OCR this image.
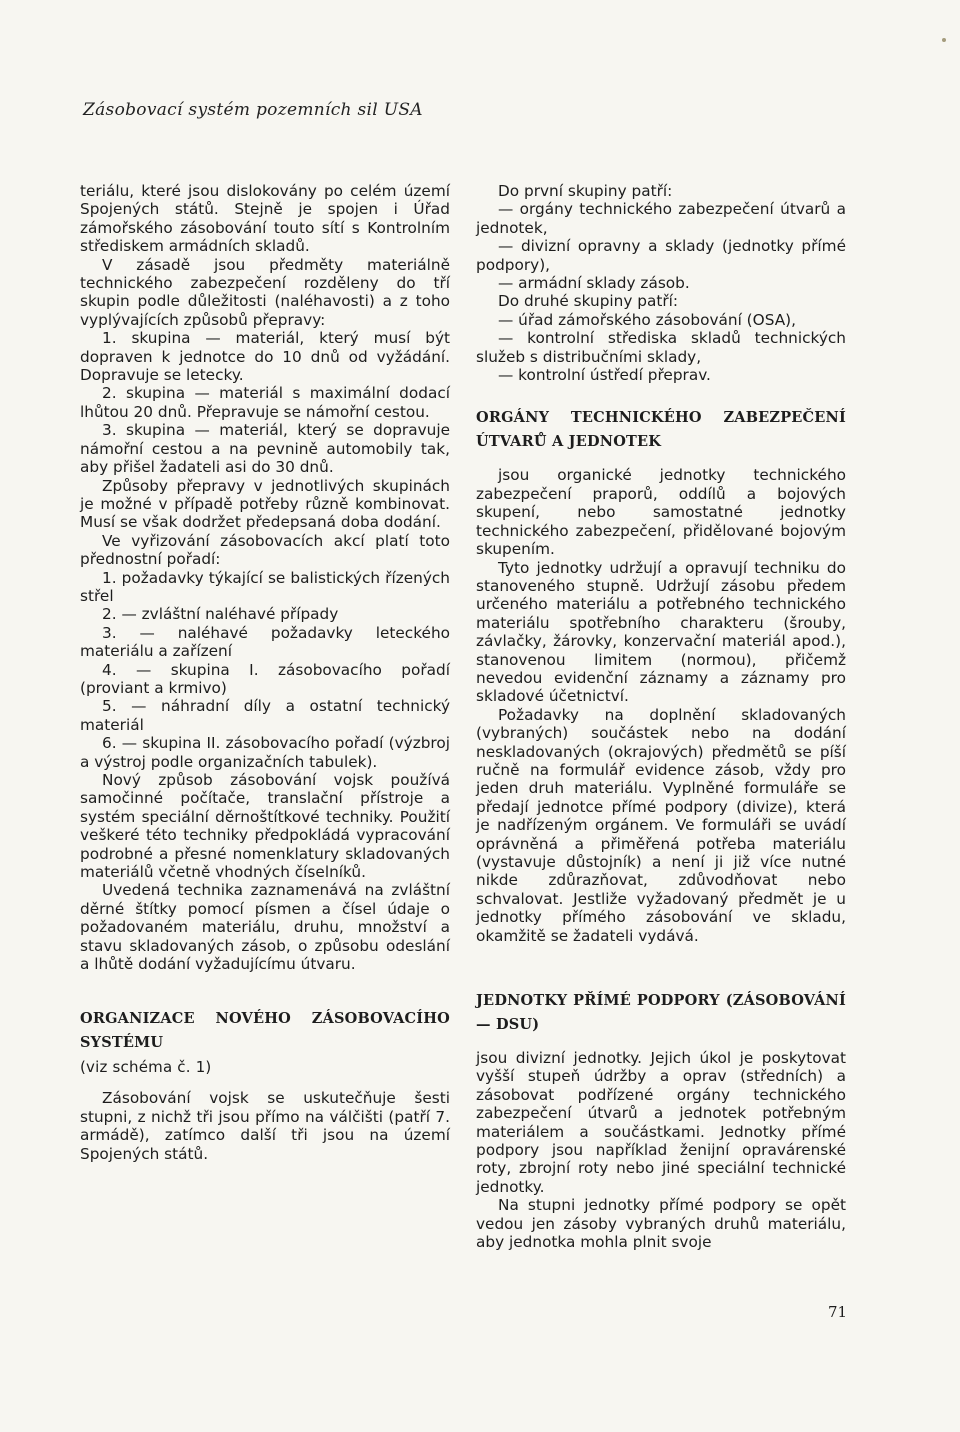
Zásobovací systém pozemních sil USA

teriálu, které jsou dislokovány po celém území Spojených států. Stejně je spojen i Úřad zámořského zásobování touto sítí s Kontrolním střediskem armádních skladů.

V zásadě jsou předměty materiálně technického zabezpečení rozděleny do tří skupin podle důležitosti (naléhavosti) a z toho vyplývajících způsobů přepravy:

1. skupina — materiál, který musí být dopraven k jednotce do 10 dnů od vyžádání. Dopravuje se letecky.

2. skupina — materiál s maximální dodací lhůtou 20 dnů. Přepravuje se námořní cestou.

3. skupina — materiál, který se dopravuje námořní cestou a na pevnině automobily tak, aby přišel žadateli asi do 30 dnů.

Způsoby přepravy v jednotlivých skupinách je možné v případě potřeby různě kombinovat. Musí se však dodržet předepsaná doba dodání.

Ve vyřizování zásobovacích akcí platí toto přednostní pořadí:

1. požadavky týkající se balistických řízených střel

2. — zvláštní naléhavé případy

3. — naléhavé požadavky leteckého materiálu a zařízení

4. — skupina I. zásobovacího pořadí (proviant a krmivo)

5. — náhradní díly a ostatní technický materiál

6. — skupina II. zásobovacího pořadí (výzbroj a výstroj podle organizačních tabulek).

Nový způsob zásobování vojsk používá samočinné počítače, translační přístroje a systém speciální děrnoštítkové techniky. Použití veškeré této techniky předpokládá vypracování podrobné a přesné nomenklatury skladovaných materiálů včetně vhodných číselníků.

Uvedená technika zaznamenává na zvláštní děrné štítky pomocí písmen a čísel údaje o požadovaném materiálu, druhu, množství a stavu skladovaných zásob, o způsobu odeslání a lhůtě dodání vyžadujícímu útvaru.

ORGANIZACE NOVÉHO ZÁSOBOVACÍHO SYSTÉMU
(viz schéma č. 1)

Zásobování vojsk se uskutečňuje šesti stupni, z nichž tři jsou přímo na válčišti (patří 7. armádě), zatímco další tři jsou na území Spojených států.

Do první skupiny patří:

— orgány technického zabezpečení útvarů a jednotek,

— divizní opravny a sklady (jednotky přímé podpory),

— armádní sklady zásob.

Do druhé skupiny patří:

— úřad zámořského zásobování (OSA),

— kontrolní střediska skladů technických služeb s distribučními sklady,

— kontrolní ústředí přeprav.

ORGÁNY TECHNICKÉHO ZABEZPEČENÍ ÚTVARŮ A JEDNOTEK

jsou organické jednotky technického zabezpečení praporů, oddílů a bojových skupení, nebo samostatné jednotky technického zabezpečení, přidělované bojovým skupením.

Tyto jednotky udržují a opravují techniku do stanoveného stupně. Udržují zásobu předem určeného materiálu a potřebného technického materiálu spotřebního charakteru (šrouby, závlačky, žárovky, konzervační materiál apod.), stanovenou limitem (normou), přičemž nevedou evidenční záznamy a záznamy pro skladové účetnictví.

Požadavky na doplnění skladovaných (vybraných) součástek nebo na dodání neskladovaných (okrajových) předmětů se píší ručně na formulář evidence zásob, vždy pro jeden druh materiálu. Vyplněné formuláře se předají jednotce přímé podpory (divize), která je nadřízeným orgánem. Ve formuláři se uvádí oprávněná a přiměřená potřeba materiálu (vystavuje důstojník) a není ji již více nutné nikde zdůrazňovat, zdůvodňovat nebo schvalovat. Jestliže vyžadovaný předmět je u jednotky přímého zásobování ve skladu, okamžitě se žadateli vydává.

JEDNOTKY PŘÍMÉ PODPORY (ZÁSOBOVÁNÍ — DSU)

jsou divizní jednotky. Jejich úkol je poskytovat vyšší stupeň údržby a oprav (středních) a zásobovat podřízené orgány technického zabezpečení útvarů a jednotek potřebným materiálem a součástkami. Jednotky přímé podpory jsou například ženijní opravárenské roty, zbrojní roty nebo jiné speciální technické jednotky.

Na stupni jednotky přímé podpory se opět vedou jen zásoby vybraných druhů materiálu, aby jednotka mohla plnit svoje

71
